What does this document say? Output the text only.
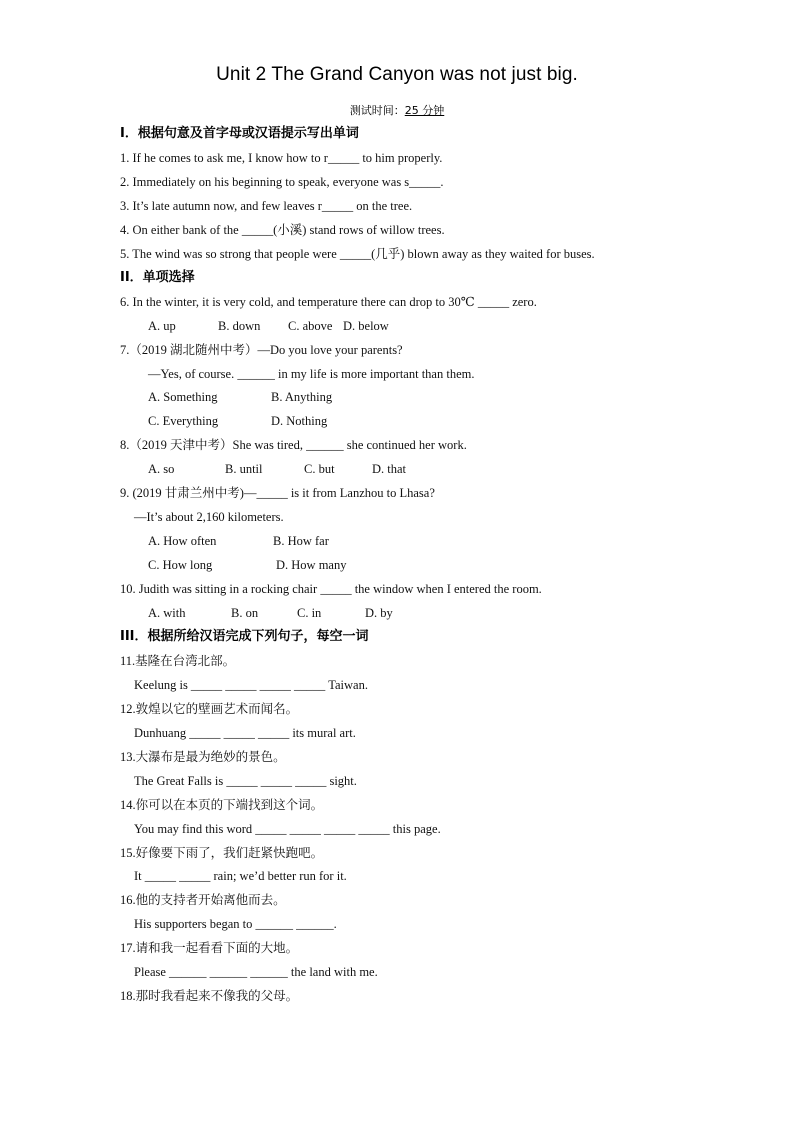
Unit 2 The Grand Canyon was not just big.
测试时间：25 分钟
I．根据句意及首字母或汉语提示写出单词
1. If he comes to ask me, I know how to r_____ to him properly.
2. Immediately on his beginning to speak, everyone was s_____.
3. It’s late autumn now, and few leaves r_____ on the tree.
4. On either bank of the _____(小溪) stand rows of willow trees.
5. The wind was so strong that people were _____(几乎) blown away as they waited for buses.
II．单项选择
6. In the winter, it is very cold, and temperature there can drop to 30℃ _____ zero.
A. up	B. down C. above D. below
7.（2019 湖北随州中考）—Do you love your parents?
—Yes, of course. ______ in my life is more important than them.
A. Something	B. Anything
C. Everything	D. Nothing
8.（2019 天津中考）She was tired, ______ she continued her work.
A. so	B. until	C. but	D. that
9. (2019 甘肃兰州中考)—_____ is it from Lanzhou to Lhasa?
—It’s about 2,160 kilometers.
A. How often	B. How far
C. How long	D. How many
10. Judith was sitting in a rocking chair _____ the window when I entered the room.
A. with	B. on	C. in	D. by
III．根据所给汉语完成下列句子，每空一词
11.基隆在台湾北部。
Keelung is _____ _____ _____ _____ Taiwan.
12.敦煌以它的壁画艺术而闻名。
Dunhuang _____ _____ _____ its mural art.
13.大瀑布是最为绝妙的景色。
The Great Falls is _____ _____ _____ sight.
14.你可以在本页的下端找到这个词。
You may find this word _____ _____ _____ _____ this page.
15.好像要下雨了，我们赶紧快跑吧。
It _____ _____ rain; we’d better run for it.
16.他的支持者开始离他而去。
His supporters began to ______ ______.
17.请和我一起看看下面的大地。
Please ______ ______ ______ the land with me.
18.那时我看起来不像我的父母。
